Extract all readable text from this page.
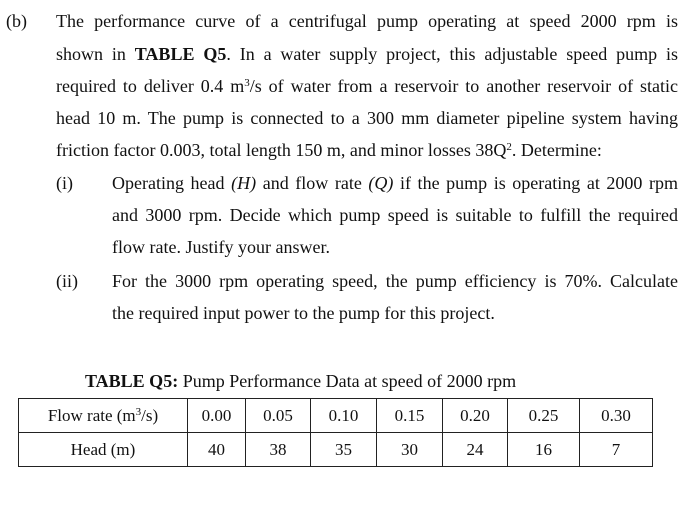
(b) The performance curve of a centrifugal pump operating at speed 2000 rpm is
shown in TABLE Q5. In a water supply project, this adjustable speed pump is
required to deliver 0.4 $m^3/s$ of water from a reservoir to another reservoir of static
head 10 m. The pump is connected to a 300 mm diameter pipeline system having
friction factor 0.003, total length 150 m, and minor losses $38Q^2$. Determine:
(i) Operating head (H) and flow rate (Q) if the pump is operating at 2000 rpm
and 3000 rpm. Decide which pump speed is suitable to fulfill the required
flow rate. Justify your answer.
(ii) For the 3000 rpm operating speed, the pump efficiency is 70%. Calculate
the required input power to the pump for this project.
TABLE Q5: Pump Performance Data at speed of 2000 rpm
Flow rate $(m^3/s)$	0.00	0.05	0.10	0.15	0.20	0.25	0.30
Head (m)	40	38	35	30	24	16	7
